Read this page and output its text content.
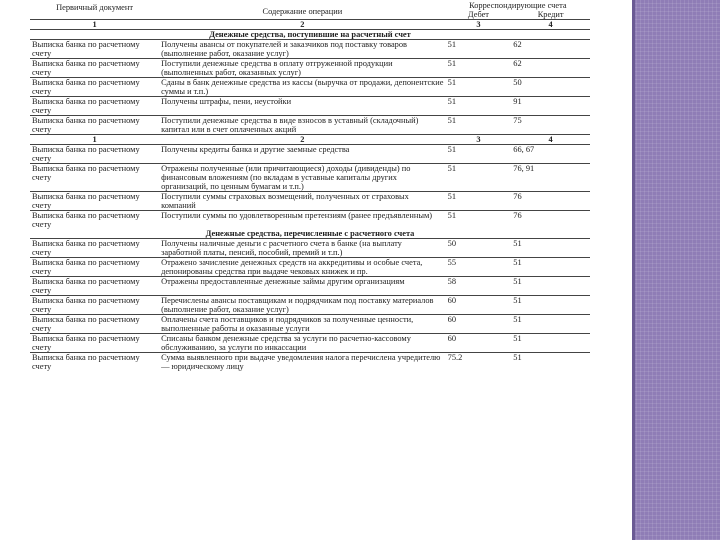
Первичный документ	Содержание операции	Корреспондирующие счета	
		Дебет	Кредит
1	2	3	4
Денежные средства, поступившие на расчетный счет			
Выписка банка по расчетному счету	Получены авансы от покупателей и заказчиков под поставку товаров (выполнение работ, оказание услуг)	51	62
Выписка банка по расчетному счету	Поступили денежные средства в оплату отгруженной продукции (выполненных работ, оказанных услуг)	51	62
Выписка банка по расчетному счету	Сданы в банк денежные средства из кассы (выручка от продажи, депонентские суммы и т.п.)	51	50
Выписка банка по расчетному счету	Получены штрафы, пени, неустойки	51	91
Выписка банка по расчетному счету	Поступили денежные средства в виде взносов в уставный (складочный) капитал или в счет оплаченных акций	51	75
1	2	3	4
Выписка банка по расчетному счету	Получены кредиты банка и другие заемные средства	51	66, 67
Выписка банка по расчетному счету	Отражены полученные (или причитающиеся) доходы (дивиденды) по финансовым вложениям (по вкладам в уставные капиталы других организаций, по ценным бумагам и т.п.)	51	76, 91
Выписка банка по расчетному счету	Поступили суммы страховых возмещений, полученных от страховых компаний	51	76
Выписка банка по расчетному счету	Поступили суммы по удовлетворенным претензиям (ранее предъявленным)	51	76
Денежные средства, перечисленные с расчетного счета			
Выписка банка по расчетному счету	Получены наличные деньги с расчетного счета в банке (на выплату заработной платы, пенсий, пособий, премий и т.п.)	50	51
Выписка банка по расчетному счету	Отражено зачисление денежных средств на аккредитивы и особые счета, депонированы средства при выдаче чековых книжек и пр.	55	51
Выписка банка по расчетному счету	Отражены предоставленные денежные займы другим организациям	58	51
Выписка банка по расчетному счету	Перечислены авансы поставщикам и подрядчикам под поставку материалов (выполнение работ, оказание услуг)	60	51
Выписка банка по расчетному счету	Оплачены счета поставщиков и подрядчиков за полученные ценности, выполненные работы и оказанные услуги	60	51
Выписка банка по расчетному счету	Списаны банком денежные средства за услуги по расчетно-кассовому обслуживанию, за услуги по инкассации	60	51
Выписка банка по расчетному счету	Сумма выявленного при выдаче уведомления налога перечислена учредителю — юридическому лицу	75.2	51
